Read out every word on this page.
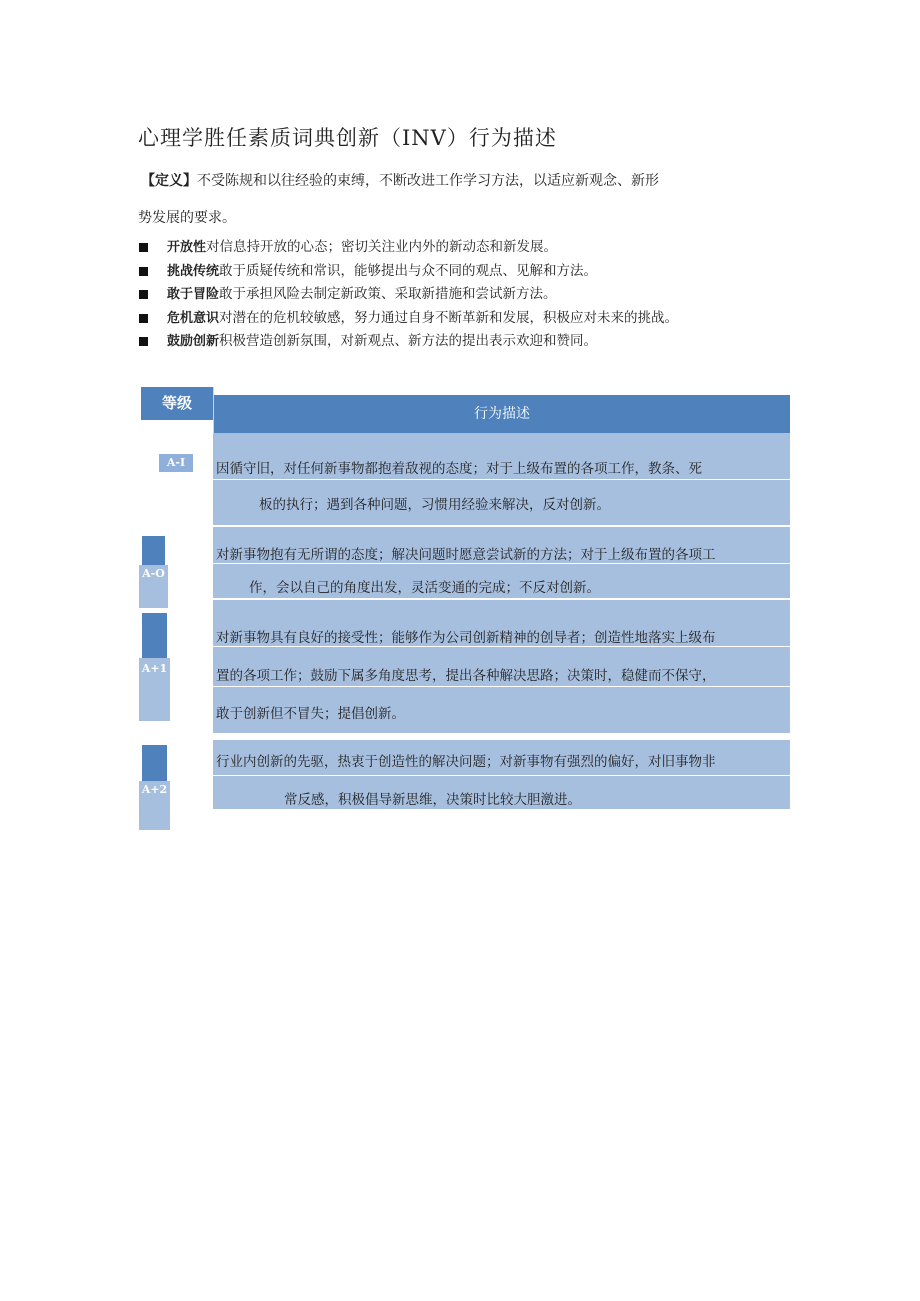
心理学胜任素质词典创新（INV）行为描述
【定义】不受陈规和以往经验的束缚，不断改进工作学习方法，以适应新观念、新形
势发展的要求。
开放性 对信息持开放的心态；密切关注业内外的新动态和新发展。
挑战传统 敢于质疑传统和常识，能够提出与众不同的观点、见解和方法。
敢于冒险 敢于承担风险去制定新政策、采取新措施和尝试新方法。
危机意识 对潜在的危机较敏感，努力通过自身不断革新和发展，积极应对未来的挑战。
鼓励创新 积极营造创新氛围，对新观点、新方法的提出表示欢迎和赞同。
等级
行为描述
A-I	因循守旧，对任何新事物都抱着敌视的态度；对于上级布置的各项工作，教条、死
板的执行；遇到各种问题，习惯用经验来解决，反对创新。
A-O
对新事物抱有无所谓的态度；解决问题时愿意尝试新的方法；对于上级布置的各项工
作，会以自己的角度出发，灵活变通的完成；不反对创新。
A+1
对新事物具有良好的接受性；能够作为公司创新精神的创导者；创造性地落实上级布
置的各项工作；鼓励下属多角度思考，提出各种解决思路；决策时，稳健而不保守，
敢于创新但不冒失；提倡创新。
A+2
行业内创新的先驱，热衷于创造性的解决问题；对新事物有强烈的偏好，对旧事物非
常反感，积极倡导新思维，决策时比较大胆激进。
